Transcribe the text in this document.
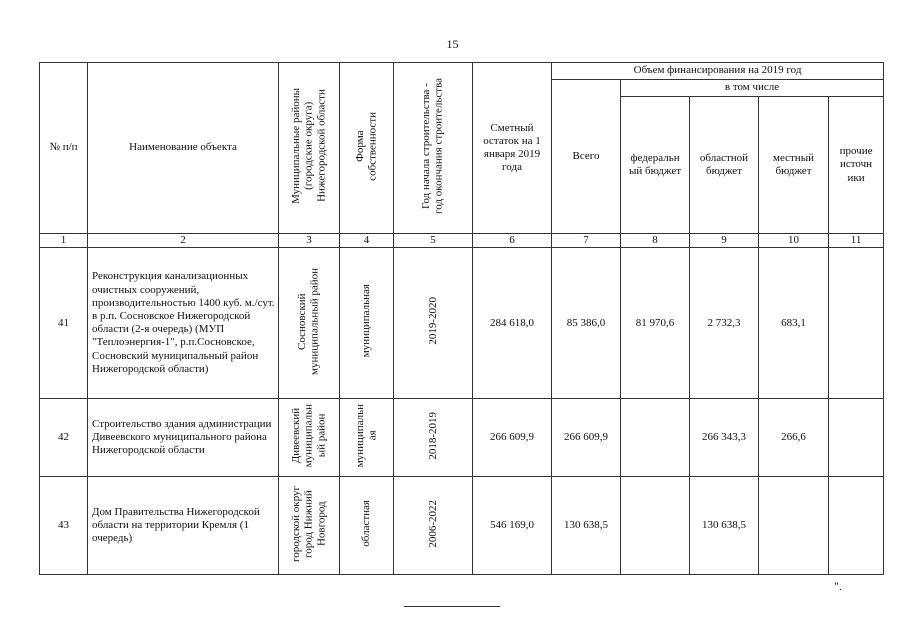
15
№ п/п	Наименование объекта	Муниципальные районы
(городские округа)
Нижегородской области	Форма
собственности	Год начала строительства -
год окончания строительства	Сметный остаток на 1 января 2019 года	Объем финансирования на 2019 год				
						Всего	в том числе			
							федеральн ый бюджет	областной бюджет	местный бюджет	прочие источн ики
1	2	3	4	5	6	7	8	9	10	11
41	Реконструкция канализационных очистных сооружений, производительностью 1400 куб. м./сут. в р.п. Сосновское Нижегородской области (2-я очередь) (МУП "Теплоэнергия-1", р.п.Сосновское, Сосновский муниципальный район Нижегородской области)	Сосновский
муниципальный район	муниципальная	2019-2020	284 618,0	85 386,0	81 970,6	2 732,3	683,1	
42	Строительство здания администрации Дивеевского муниципального района Нижегородской области	Дивеевский
муниципальн
ый район	муниципальн
ая	2018-2019	266 609,9	266 609,9		266 343,3	266,6	
43	Дом Правительства Нижегородской области на территории Кремля (1 очередь)	городской округ
город Нижний
Новгород	областная	2006-2022	546 169,0	130 638,5		130 638,5		
".
